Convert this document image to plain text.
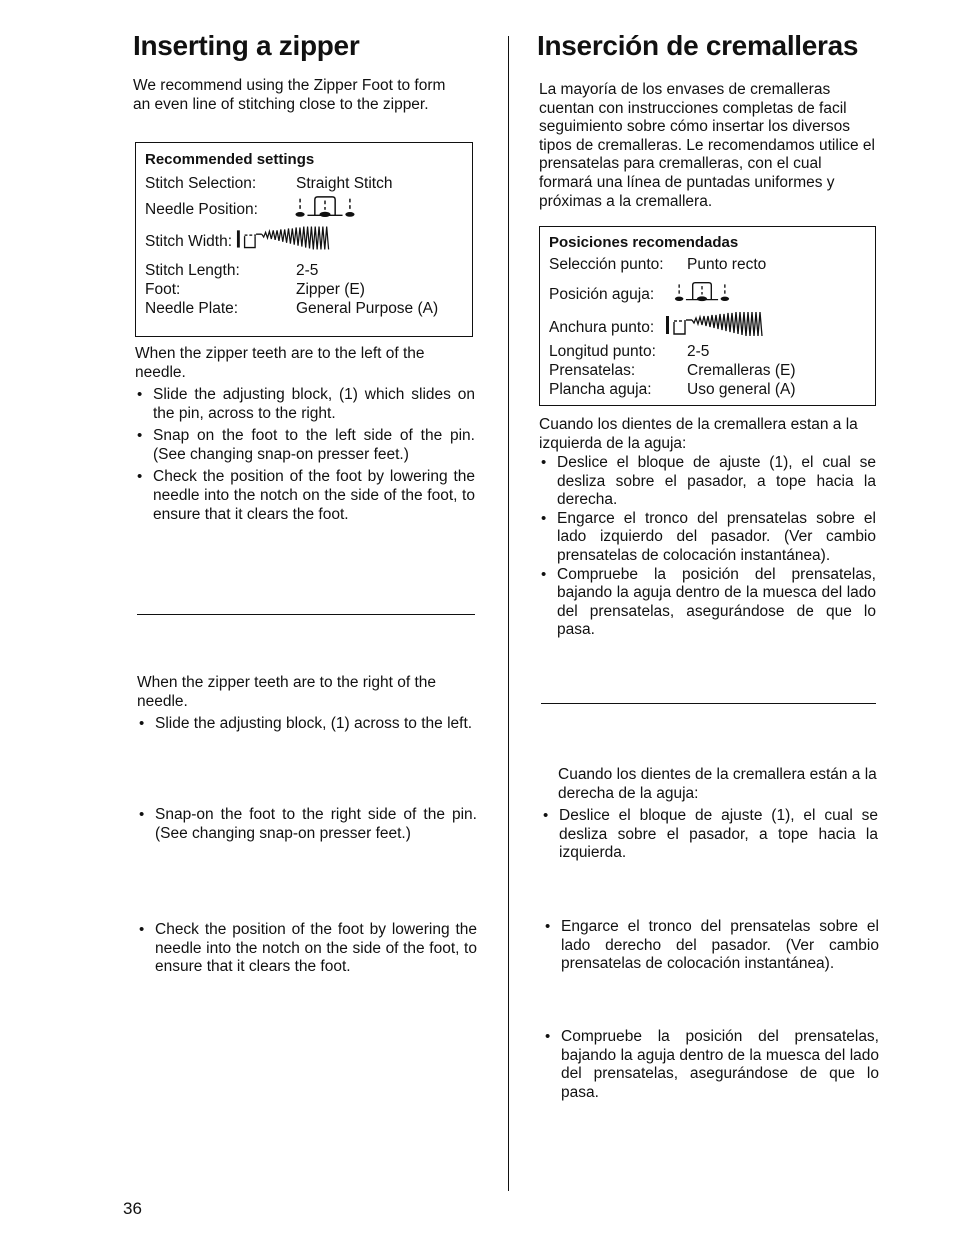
Inserting a zipper

We recommend using the Zipper Foot to form an even line of stitching close to the zipper.

Recommended settings
Stitch Selection:	Straight Stitch
Needle Position:
Stitch Width:
Stitch Length:	2-5
Foot:	Zipper (E)
Needle Plate:	General Purpose (A)

When the zipper teeth are to the left of the needle.

• Slide the adjusting block, (1) which slides on the pin, across to the right.
• Snap on the foot to the left side of the pin. (See changing snap-on presser feet.)
• Check the position of the foot by lowering the needle into the notch on the side of the foot, to ensure that it clears the foot.

When the zipper teeth are to the right of the needle.

• Slide the adjusting block, (1) across to the left.
• Snap-on the foot to the right side of the pin. (See changing snap-on presser feet.)
• Check the position of the foot by lowering the needle into the notch on the side of the foot, to ensure that it clears the foot.
Inserción de cremalleras

La mayoría de los envases de cremalleras cuentan con instrucciones completas de facil seguimiento sobre cómo insertar los diversos tipos de cremalleras. Le recomendamos utilice el prensatelas para cremalleras, con el cual formará una línea de puntadas uniformes y próximas a la cremallera.

Posiciones recomendadas
Selección punto:	Punto recto
Posición aguja:
Anchura punto:
Longitud punto:	2-5
Prensatelas:	Cremalleras (E)
Plancha aguja:	Uso general (A)

Cuando los dientes de la cremallera estan a la izquierda de la aguja:

• Deslice el bloque de ajuste (1), el cual se desliza sobre el pasador, a tope hacia la derecha.
• Engarce el tronco del prensatelas sobre el lado izquierdo del pasador. (Ver cambio prensatelas de colocación instantánea).
• Compruebe la posición del prensatelas, bajando la aguja dentro de la muesca del lado del prensatelas, asegurándose de que lo pasa.

Cuando los dientes de la cremallera están a la derecha de la aguja:

• Deslice el bloque de ajuste (1), el cual se desliza sobre el pasador, a tope hacia la izquierda.
• Engarce el tronco del prensatelas sobre el lado derecho del pasador. (Ver cambio prensatelas de colocación instantánea).
• Compruebe la posición del prensatelas, bajando la aguja dentro de la muesca del lado del prensatelas, asegurándose de que lo pasa.
36
